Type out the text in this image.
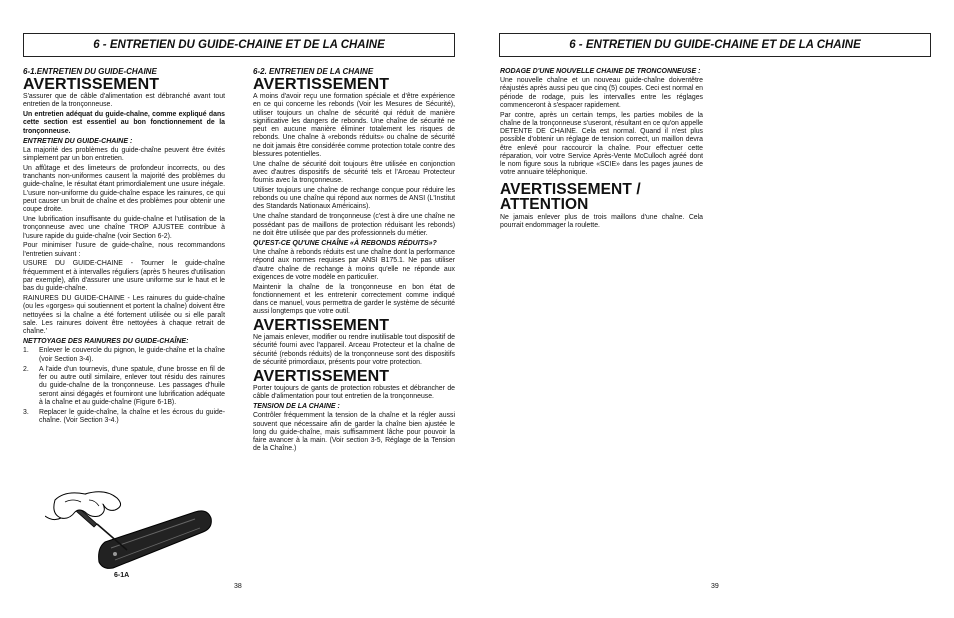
6 - ENTRETIEN DU GUIDE-CHAINE ET DE LA CHAINE
6-1.ENTRETIEN DU GUIDE-CHAINE
AVERTISSEMENT

S'assurer que de câble d'alimentation est débranché avant tout entretien de la tronçonneuse.

Un entretien adéquat du guide-chaîne, comme expliqué dans cette section est essentiel au bon fonctionnement de la tronçonneuse.

ENTRETIEN DU GUIDE-CHAINE :

La majorité des problèmes du guide-chaîne peuvent être évités simplement par un bon entretien.

Un affûtage et des limeteurs de profondeur incorrects, ou des tranchants non-uniformes causent la majorité des problèmes du guide-chaîne, le résultat étant primordialement une usure inégale. L'usure non-uniforme du guide-chaîne espace les rainures, ce qui peut causer un bruit de chaîne et des problèmes pour obtenir une coupe droite.

Une lubrification insuffisante du guide-chaîne et l'utilisation de la tronçonneuse avec une chaîne TROP AJUSTEE contribue à l'usure rapide du guide-chaîne (voir Section 6-2).

Pour minimiser l'usure de guide-chaîne, nous recommandons l'entretien suivant :

USURE DU GUIDE-CHAINE - Tourner le guide-chaîne fréquemment et à intervalles réguliers (après 5 heures d'utilisation par exemple), afin d'assurer une usure uniforme sur le haut et le bas du guide-chaîne.

RAINURES DU GUIDE-CHAINE - Les rainures du guide-chaîne (ou les «gorges» qui soutiennent et portent la chaîne) doivent être nettoyées si la chaîne a été fortement utilisée ou si elle paraît sale. Les rainures doivent être nettoyées à chaque retrait de chaîne.'

NETTOYAGE DES RAINURES DU GUIDE-CHAÎNE:
1.	Enlever le couvercle du pignon, le guide-chaîne et la chaîne (voir Section 3-4).
2.	A l'aide d'un tournevis, d'une spatule, d'une brosse en fil de fer ou autre outil similaire, enlever tout résidu des rainures du guide-chaîne de la tronçonneuse. Les passages d'huile seront ainsi dégagés et fourniront une lubrification adéquate à la chaîne et au guide-chaîne (Figure 6-1B).
3.	Replacer le guide-chaîne, la chaîne et les écrous du guide-chaîne. (Voir Section 3-4.)
6-1A
6-2. ENTRETIEN DE LA CHAINE
AVERTISSEMENT

A moins d'avoir reçu une formation spéciale et d'être expérience en ce qui concerne les rebonds (Voir les Mesures de Sécurité), utiliser toujours un chaîne de sécurité qui réduit de manière significative les dangers de rebonds. Une chaîne de sécurité ne peut en aucune manière éliminer totalement les risques de rebonds. Une chaîne à «rebonds réduits» ou chaîne de sécurité ne doit jamais être considérée comme protection totale contre des blessures potentielles.

Une chaîne de sécurité doit toujours être utilisée en conjonction avec d'autres dispositifs de sécurité tels et l'Arceau Protecteur fournis avec la tronçonneuse.

Utiliser toujours une chaîne de rechange conçue pour réduire les rebonds ou une chaîne qui répond aux normes de ANSI (L'Institut des Standards Nationaux Américains).

Une chaîne standard de tronçonneuse (c'est à dire une chaîne ne possédant pas de maillons de protection réduisant les rebonds) ne doit être utilisée que par des professionnels du métier.

QU'EST-CE QU'UNE CHAÎNE «À REBONDS RÉDUITS»?

Une chaîne à rebonds réduits est une chaîne dont la performance répond aux normes requises par ANSI B175.1. Ne pas utiliser d'autre chaîne de rechange à moins qu'elle ne réponde aux exigences de votre modèle en particulier.

Maintenir la chaîne de la tronçonneuse en bon état de fonctionnement et les entretenir correctement comme indiqué dans ce manuel, vous permettra de garder le système de sécurité aussi longtemps que votre outil.

AVERTISSEMENT

Ne jamais enlever, modifier ou rendre inutilisable tout dispositif de sécurité fourni avec l'appareil. Arceau Protecteur et la chaîne de sécurité (rebonds réduits) de la tronçonneuse sont des dispositifs de sécurité primordiaux, présents pour votre protection.

AVERTISSEMENT

Porter toujours de gants de protection robustes et débrancher de câble d'alimentation pour tout entretien de la tronçonneuse.

TENSION DE LA CHAINE :

Contrôler fréquemment la tension de la chaîne et la régler aussi souvent que nécessaire afin de garder la chaîne bien ajustée le long du guide-chaîne, mais suffisamment lâche pour pouvoir la faire avancer à la main. (Voir section 3-5, Réglage de la Tension de la Chaîne.)

38
6 - ENTRETIEN DU GUIDE-CHAINE ET DE LA CHAINE
RODAGE D'UNE NOUVELLE CHAINE DE TRONCONNEUSE :

Une nouvelle chaîne et un nouveau guide-chaîne doiventêtre réajustés après aussi peu que cinq (5) coupes. Ceci est normal en période de rodage, puis les intervalles entre les réglages commenceront à s'espacer rapidement.

Par contre, après un certain temps, les parties mobiles de la chaîne de la tronçonneuse s'useront, résultant en ce qu'on appelle DETENTE DE CHAINE. Cela est normal. Quand il n'est plus possible d'obtenir un réglage de tension correct, un maillon devra être enlevé pour raccourcir la chaîne. Pour effectuer cette réparation, voir votre Service Après-Vente McCulloch agréé dont le nom figure sous la rubrique «SCIE» dans les pages jaunes de votre annuaire téléphonique.

AVERTISSEMENT /
ATTENTION

Ne jamais enlever plus de trois maillons d'une chaîne. Cela pourrait endommager la roulette.

39
